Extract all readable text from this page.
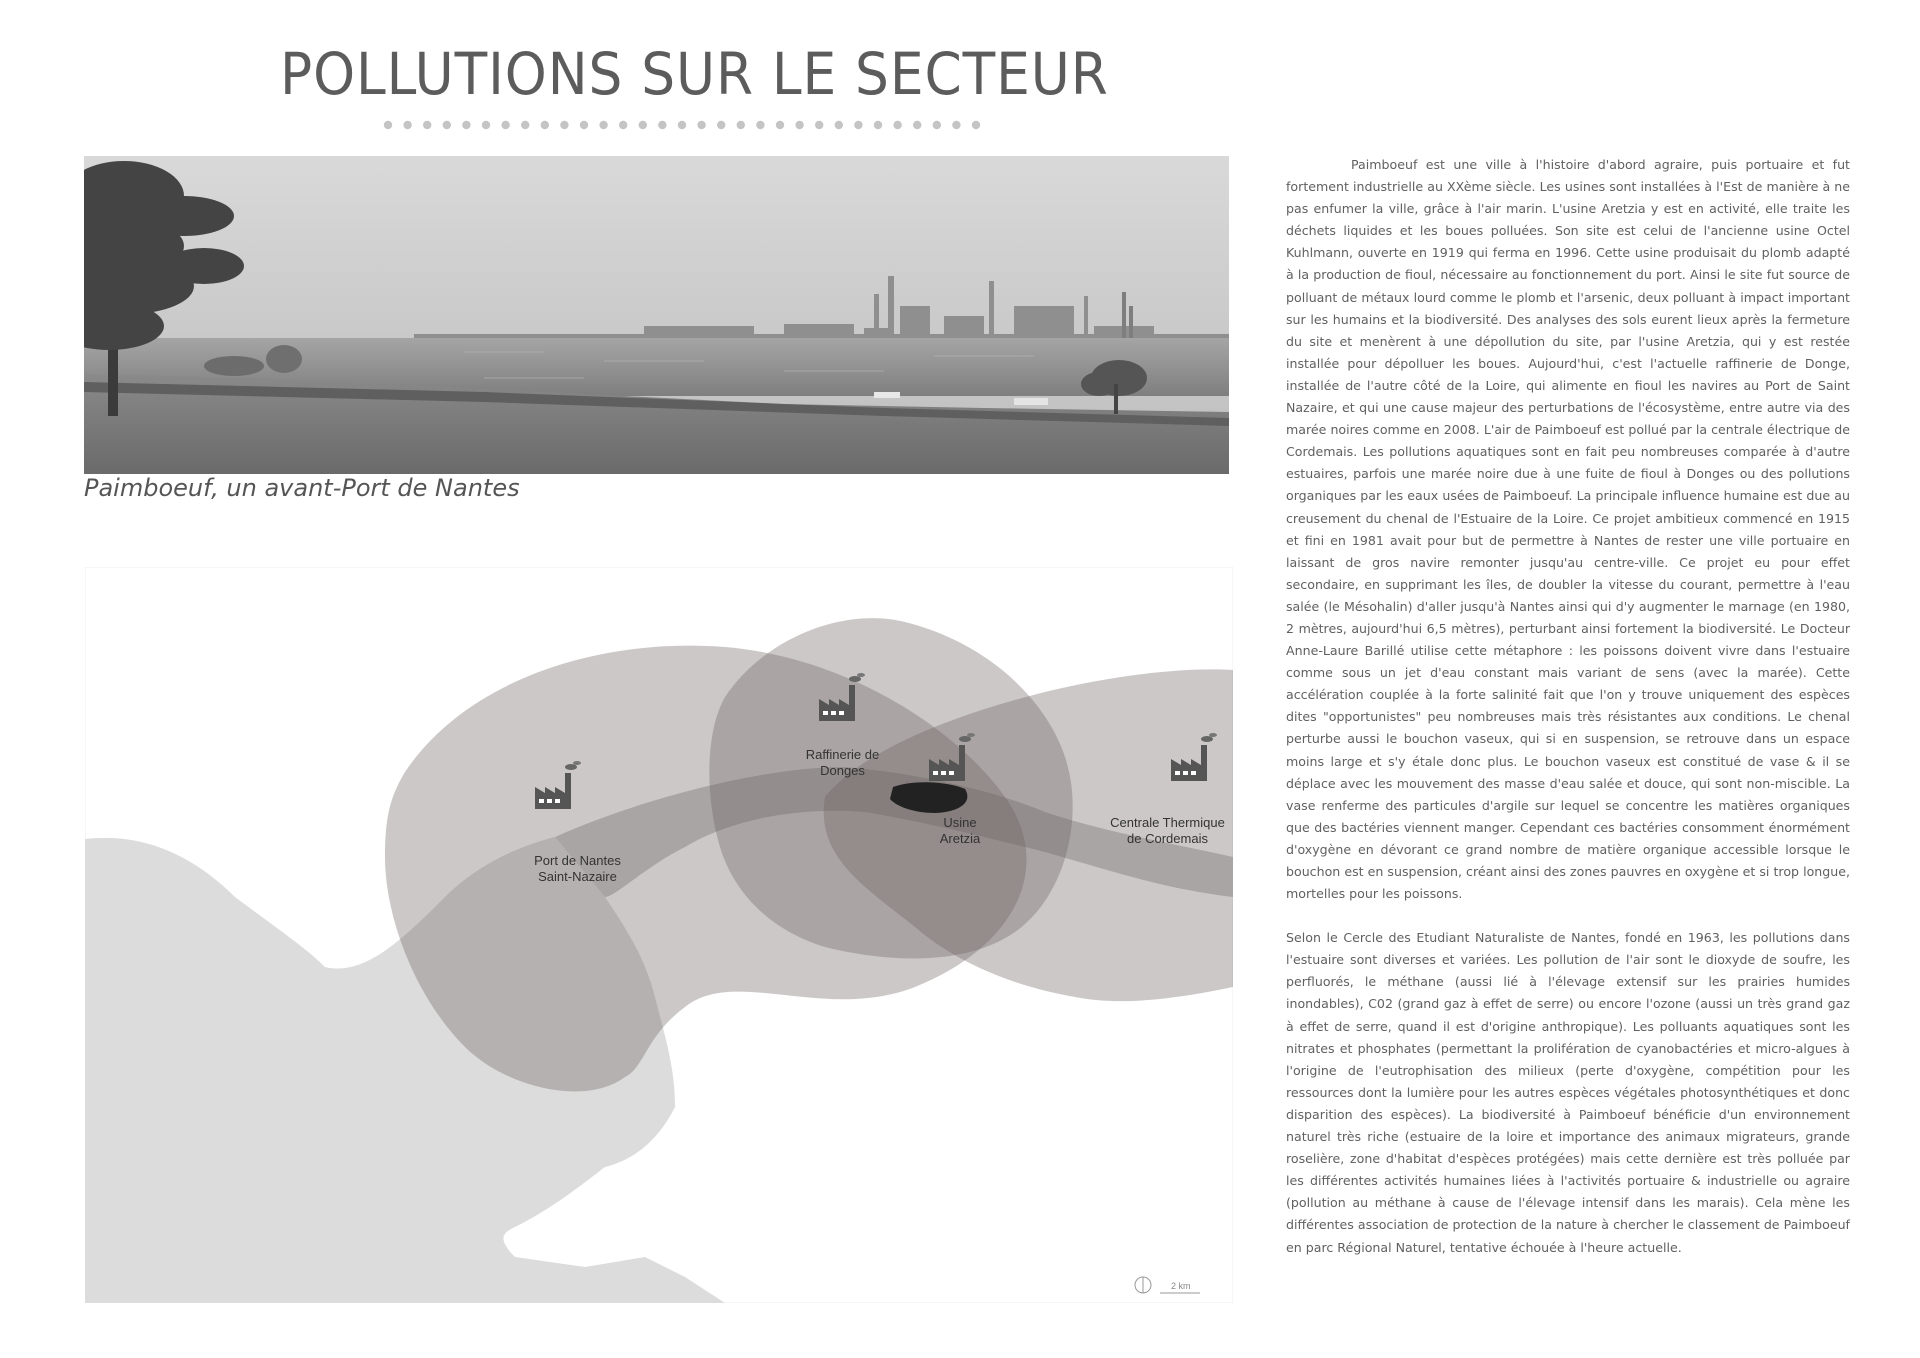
POLLUTIONS SUR LE SECTEUR
Paimboeuf, un avant-Port de Nantes
2 km
Port de Nantes
Saint-Nazaire
Raffinerie de
Donges
Usine
Aretzia
Centrale Thermique
de Cordemais

Paimboeuf est une ville à l'histoire d'abord agraire, puis portuaire et fut fortement industrielle au XXème siècle. Les usines sont installées à l'Est de manière à ne pas enfumer la ville, grâce à l'air marin. L'usine Aretzia y est en activité, elle traite les déchets liquides et les boues polluées. Son site est celui de l'ancienne usine Octel Kuhlmann, ouverte en 1919 qui ferma en 1996. Cette usine produisait du plomb adapté à la production de fioul, nécessaire au fonctionnement du port. Ainsi le site fut source de polluant de métaux lourd comme le plomb et l'arsenic, deux polluant à impact important sur les humains et la biodiversité. Des analyses des sols eurent lieux après la fermeture du site et menèrent à une dépollution du site, par l'usine Aretzia, qui y est restée installée pour dépolluer les boues. Aujourd'hui, c'est l'actuelle raffinerie de Donge, installée de l'autre côté de la Loire, qui alimente en fioul les navires au Port de Saint Nazaire, et qui une cause majeur des perturbations de l'écosystème, entre autre via des marée noires comme en 2008. L'air de Paimboeuf est pollué par la centrale électrique de Cordemais. Les pollutions aquatiques sont en fait peu nombreuses comparée à d'autre estuaires, parfois une marée noire due à une fuite de fioul à Donges ou des pollutions organiques par les eaux usées de Paimboeuf. La principale influence humaine est due au creusement du chenal de l'Estuaire de la Loire. Ce projet ambitieux commencé en 1915 et fini en 1981 avait pour but de permettre à Nantes de rester une ville portuaire en laissant de gros navire remonter jusqu'au centre-ville. Ce projet eu pour effet secondaire, en supprimant les îles, de doubler la vitesse du courant, permettre à l'eau salée (le Mésohalin) d'aller jusqu'à Nantes ainsi qui d'y augmenter le marnage (en 1980, 2 mètres, aujourd'hui 6,5 mètres), perturbant ainsi fortement la biodiversité. Le Docteur Anne-Laure Barillé utilise cette métaphore : les poissons doivent vivre dans l'estuaire comme sous un jet d'eau constant mais variant de sens (avec la marée). Cette accélération couplée à la forte salinité fait que l'on y trouve uniquement des espèces dites "opportunistes" peu nombreuses mais très résistantes aux conditions. Le chenal perturbe aussi le bouchon vaseux, qui si en suspension, se retrouve dans un espace moins large et s'y étale donc plus. Le bouchon vaseux est constitué de vase & il se déplace avec les mouvement des masse d'eau salée et douce, qui sont non-miscible. La vase renferme des particules d'argile sur lequel se concentre les matières organiques que des bactéries viennent manger. Cependant ces bactéries consomment énormément d'oxygène en dévorant ce grand nombre de matière organique accessible lorsque le bouchon est en suspension, créant ainsi des zones pauvres en oxygène et si trop longue, mortelles pour les poissons.

Selon le Cercle des Etudiant Naturaliste de Nantes, fondé en 1963, les pollutions dans l'estuaire sont diverses et variées. Les pollution de l'air sont le dioxyde de soufre, les perfluorés, le méthane (aussi lié à l'élevage extensif sur les prairies humides inondables), C02 (grand gaz à effet de serre) ou encore l'ozone (aussi un très grand gaz à effet de serre, quand il est d'origine anthropique). Les polluants aquatiques sont les nitrates et phosphates (permettant la prolifération de cyanobactéries et micro-algues à l'origine de l'eutrophisation des milieux (perte d'oxygène, compétition pour les ressources dont la lumière pour les autres espèces végétales photosynthétiques et donc disparition des espèces). La biodiversité à Paimboeuf bénéficie d'un environnement naturel très riche (estuaire de la loire et importance des animaux migrateurs, grande roselière, zone d'habitat d'espèces protégées) mais cette dernière est très polluée par les différentes activités humaines liées à l'activités portuaire & industrielle ou agraire (pollution au méthane à cause de l'élevage intensif dans les marais). Cela mène les différentes association de protection de la nature à chercher le classement de Paimboeuf en parc Régional Naturel, tentative échouée à l'heure actuelle.
